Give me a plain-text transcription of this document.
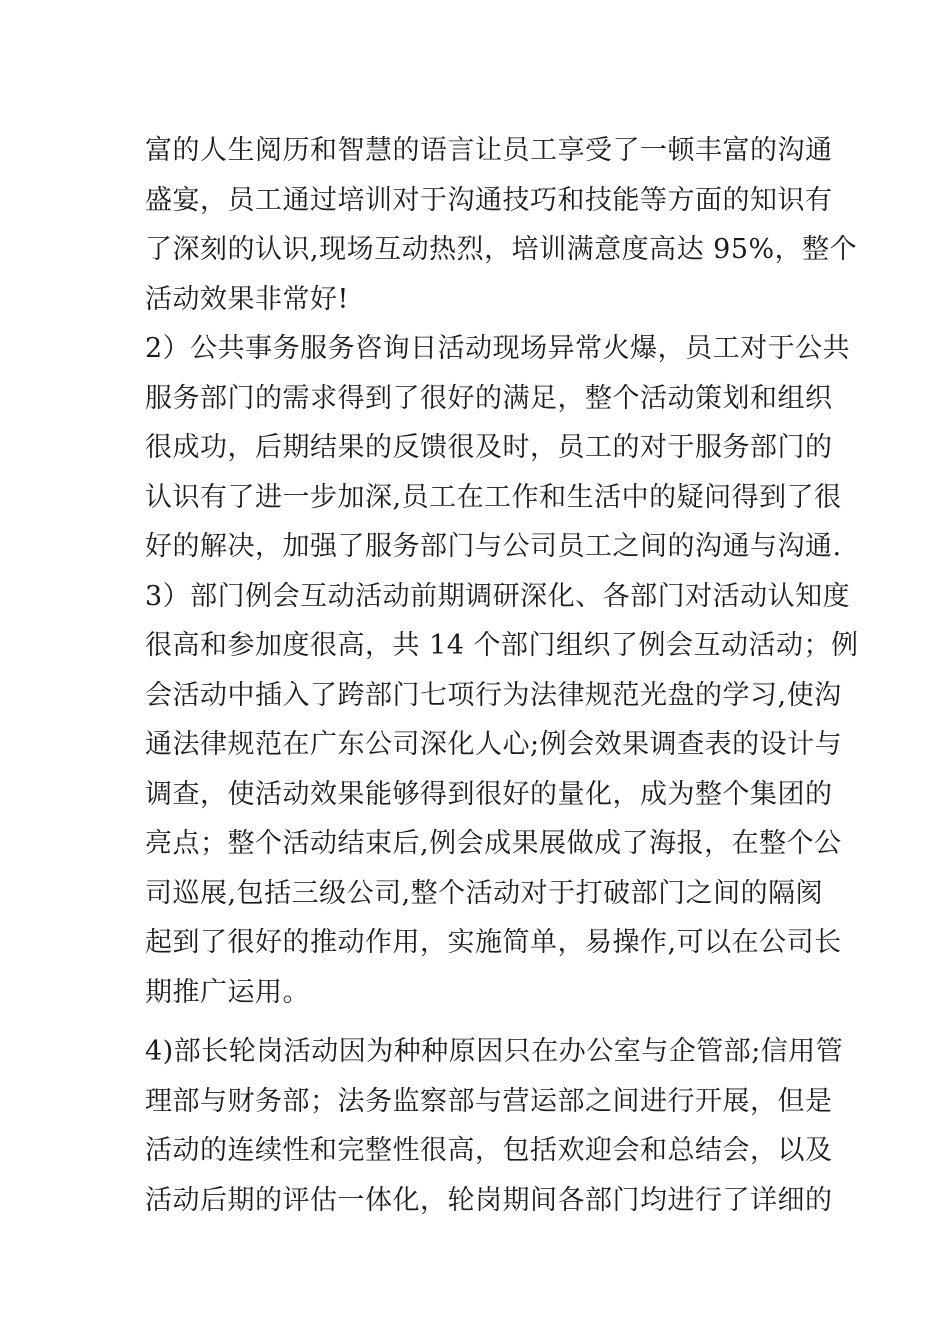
富的人生阅历和智慧的语言让员工享受了一顿丰富的沟通
盛宴，员工通过培训对于沟通技巧和技能等方面的知识有
了深刻的认识,现场互动热烈，培训满意度高达 95%，整个
活动效果非常好!
2）公共事务服务咨询日活动现场异常火爆，员工对于公共
服务部门的需求得到了很好的满足，整个活动策划和组织
很成功，后期结果的反馈很及时，员工的对于服务部门的
认识有了进一步加深,员工在工作和生活中的疑问得到了很
好的解决，加强了服务部门与公司员工之间的沟通与沟通.
3）部门例会互动活动前期调研深化、各部门对活动认知度
很高和参加度很高，共 14 个部门组织了例会互动活动；例
会活动中插入了跨部门七项行为法律规范光盘的学习,使沟
通法律规范在广东公司深化人心;例会效果调查表的设计与
调查，使活动效果能够得到很好的量化，成为整个集团的
亮点；整个活动结束后,例会成果展做成了海报，在整个公
司巡展,包括三级公司,整个活动对于打破部门之间的隔阂
起到了很好的推动作用，实施简单，易操作,可以在公司长
期推广运用。
4)部长轮岗活动因为种种原因只在办公室与企管部;信用管
理部与财务部；法务监察部与营运部之间进行开展，但是
活动的连续性和完整性很高，包括欢迎会和总结会，以及
活动后期的评估一体化，轮岗期间各部门均进行了详细的
